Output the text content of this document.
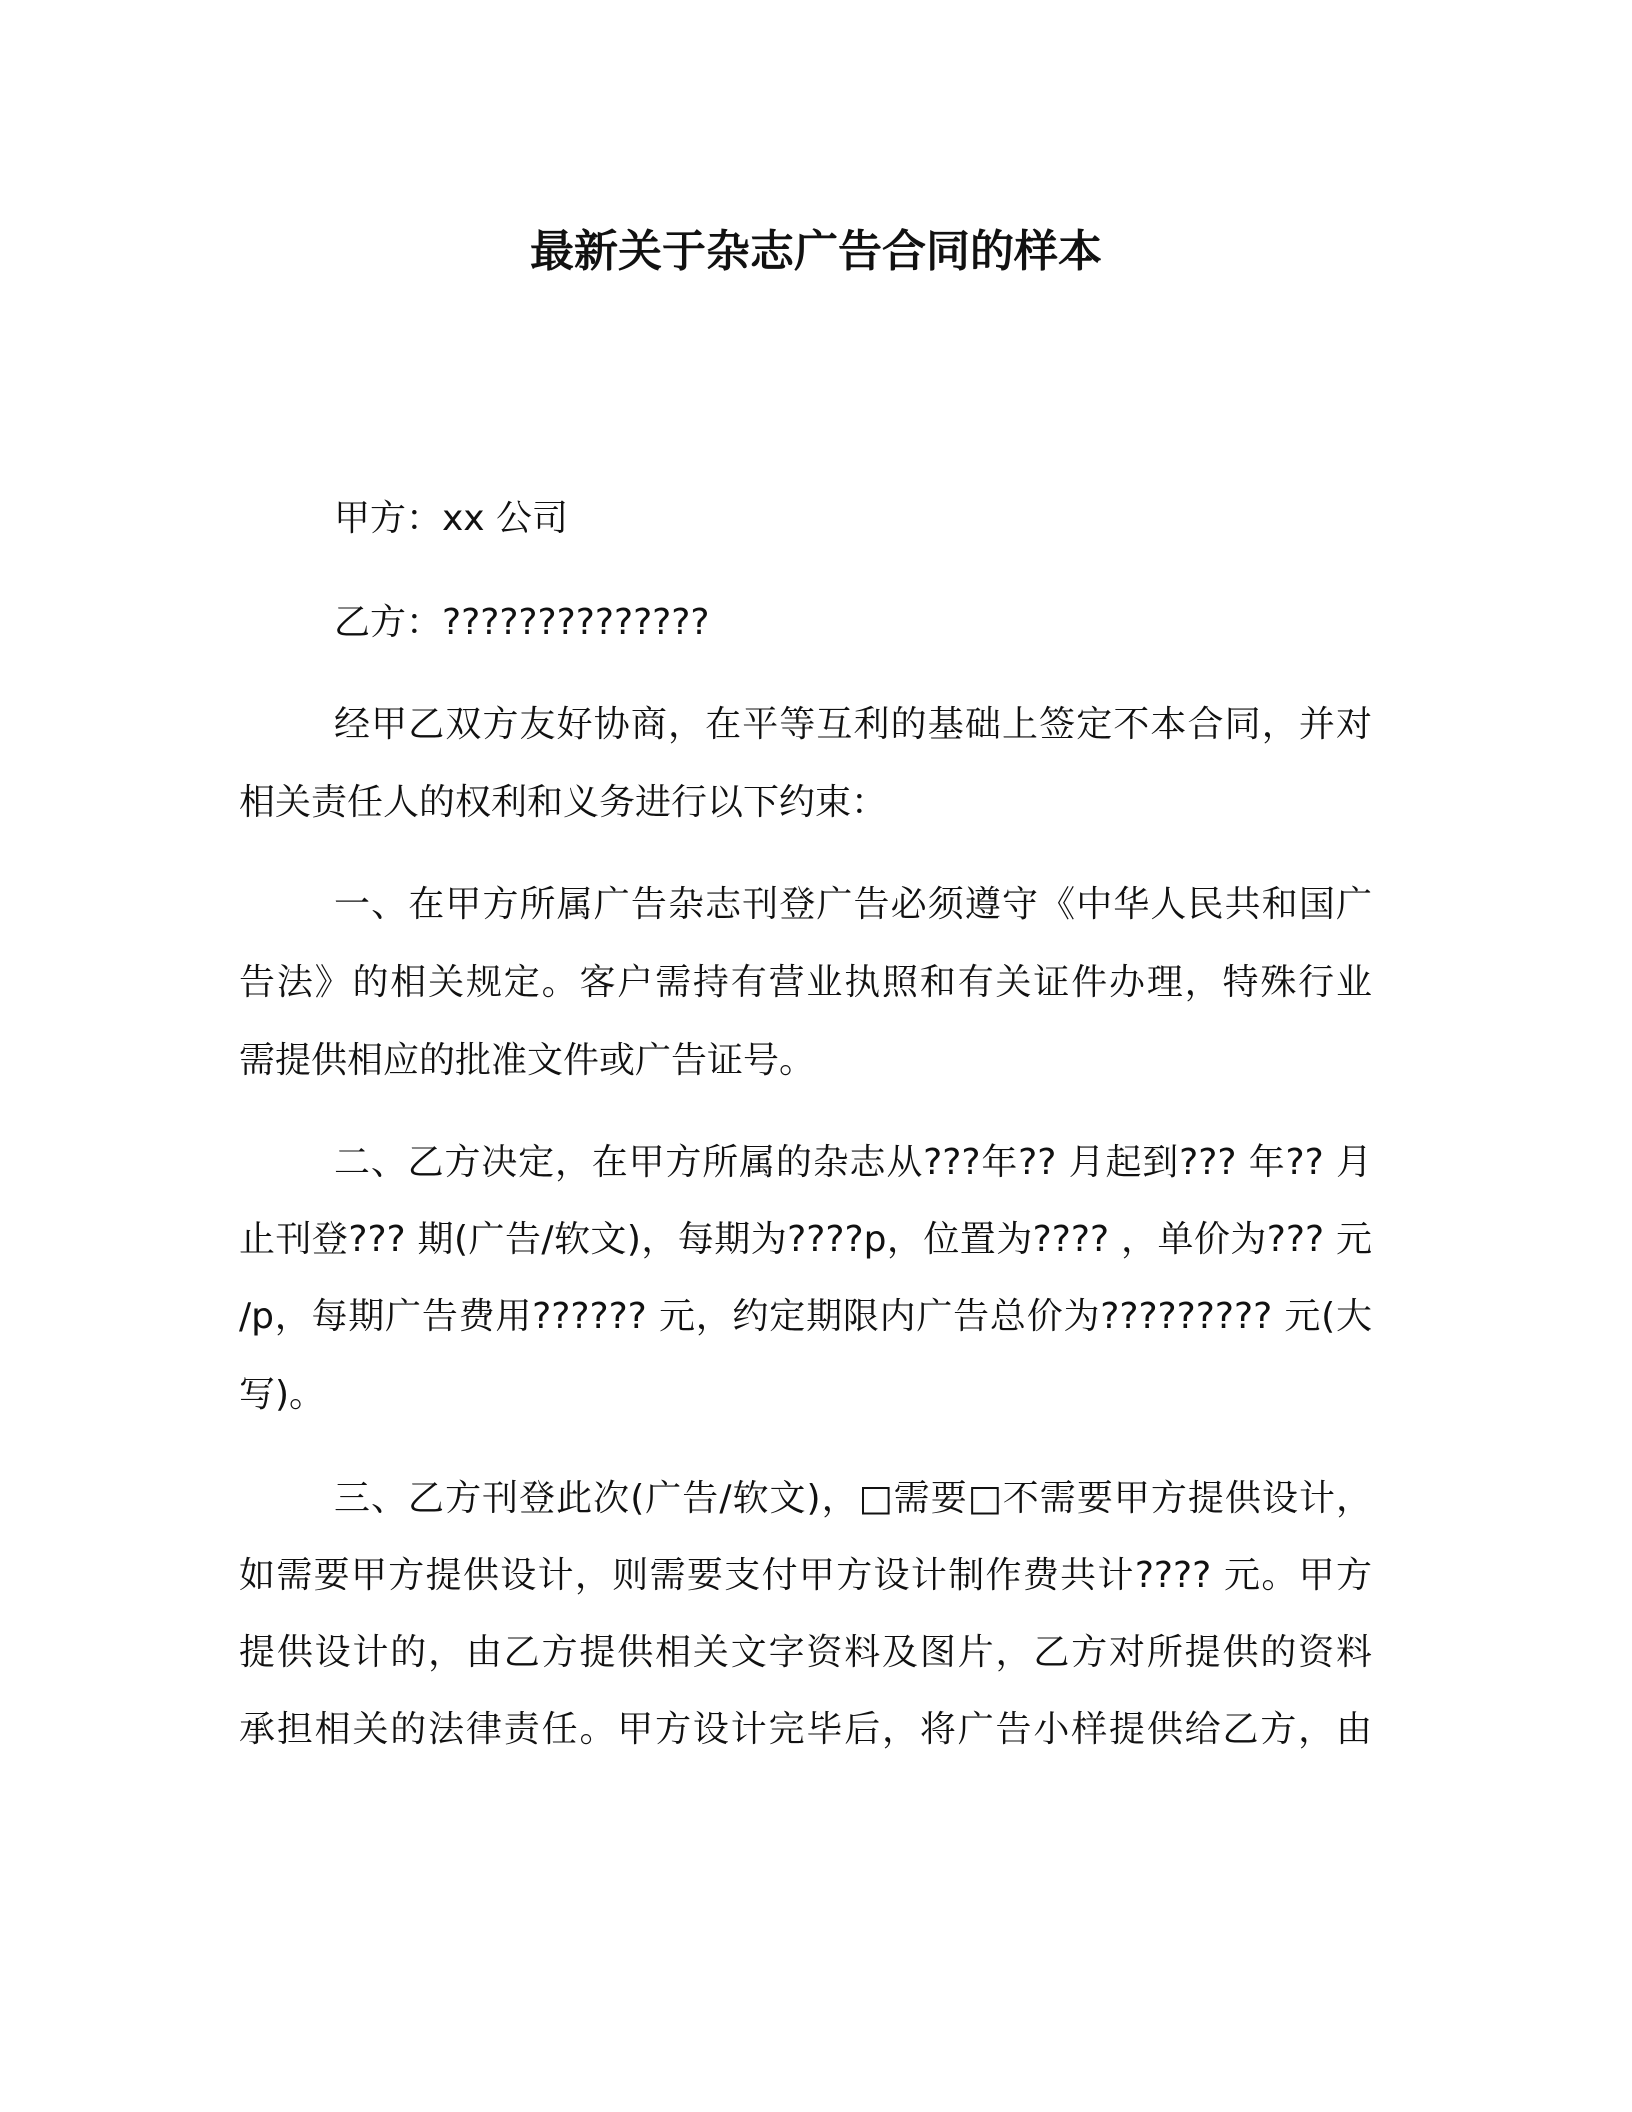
最新关于杂志广告合同的样本
甲方：xx 公司
乙方：??????????????
经甲乙双方友好协商，在平等互利的基础上签定不本合同，并对
相关责任人的权利和义务进行以下约束：
一、在甲方所属广告杂志刊登广告必须遵守《中华人民共和国广
告法》的相关规定。客户需持有营业执照和有关证件办理，特殊行业
需提供相应的批准文件或广告证号。
二、乙方决定，在甲方所属的杂志从???年?? 月起到??? 年?? 月
止刊登??? 期(广告/软文)，每期为????p，位置为???? ，单价为??? 元
/p，每期广告费用?????? 元，约定期限内广告总价为????????? 元(大
写)。
三、乙方刊登此次(广告/软文)，□需要□不需要甲方提供设计，
如需要甲方提供设计，则需要支付甲方设计制作费共计???? 元。甲方
提供设计的，由乙方提供相关文字资料及图片，乙方对所提供的资料
承担相关的法律责任。甲方设计完毕后，将广告小样提供给乙方，由
